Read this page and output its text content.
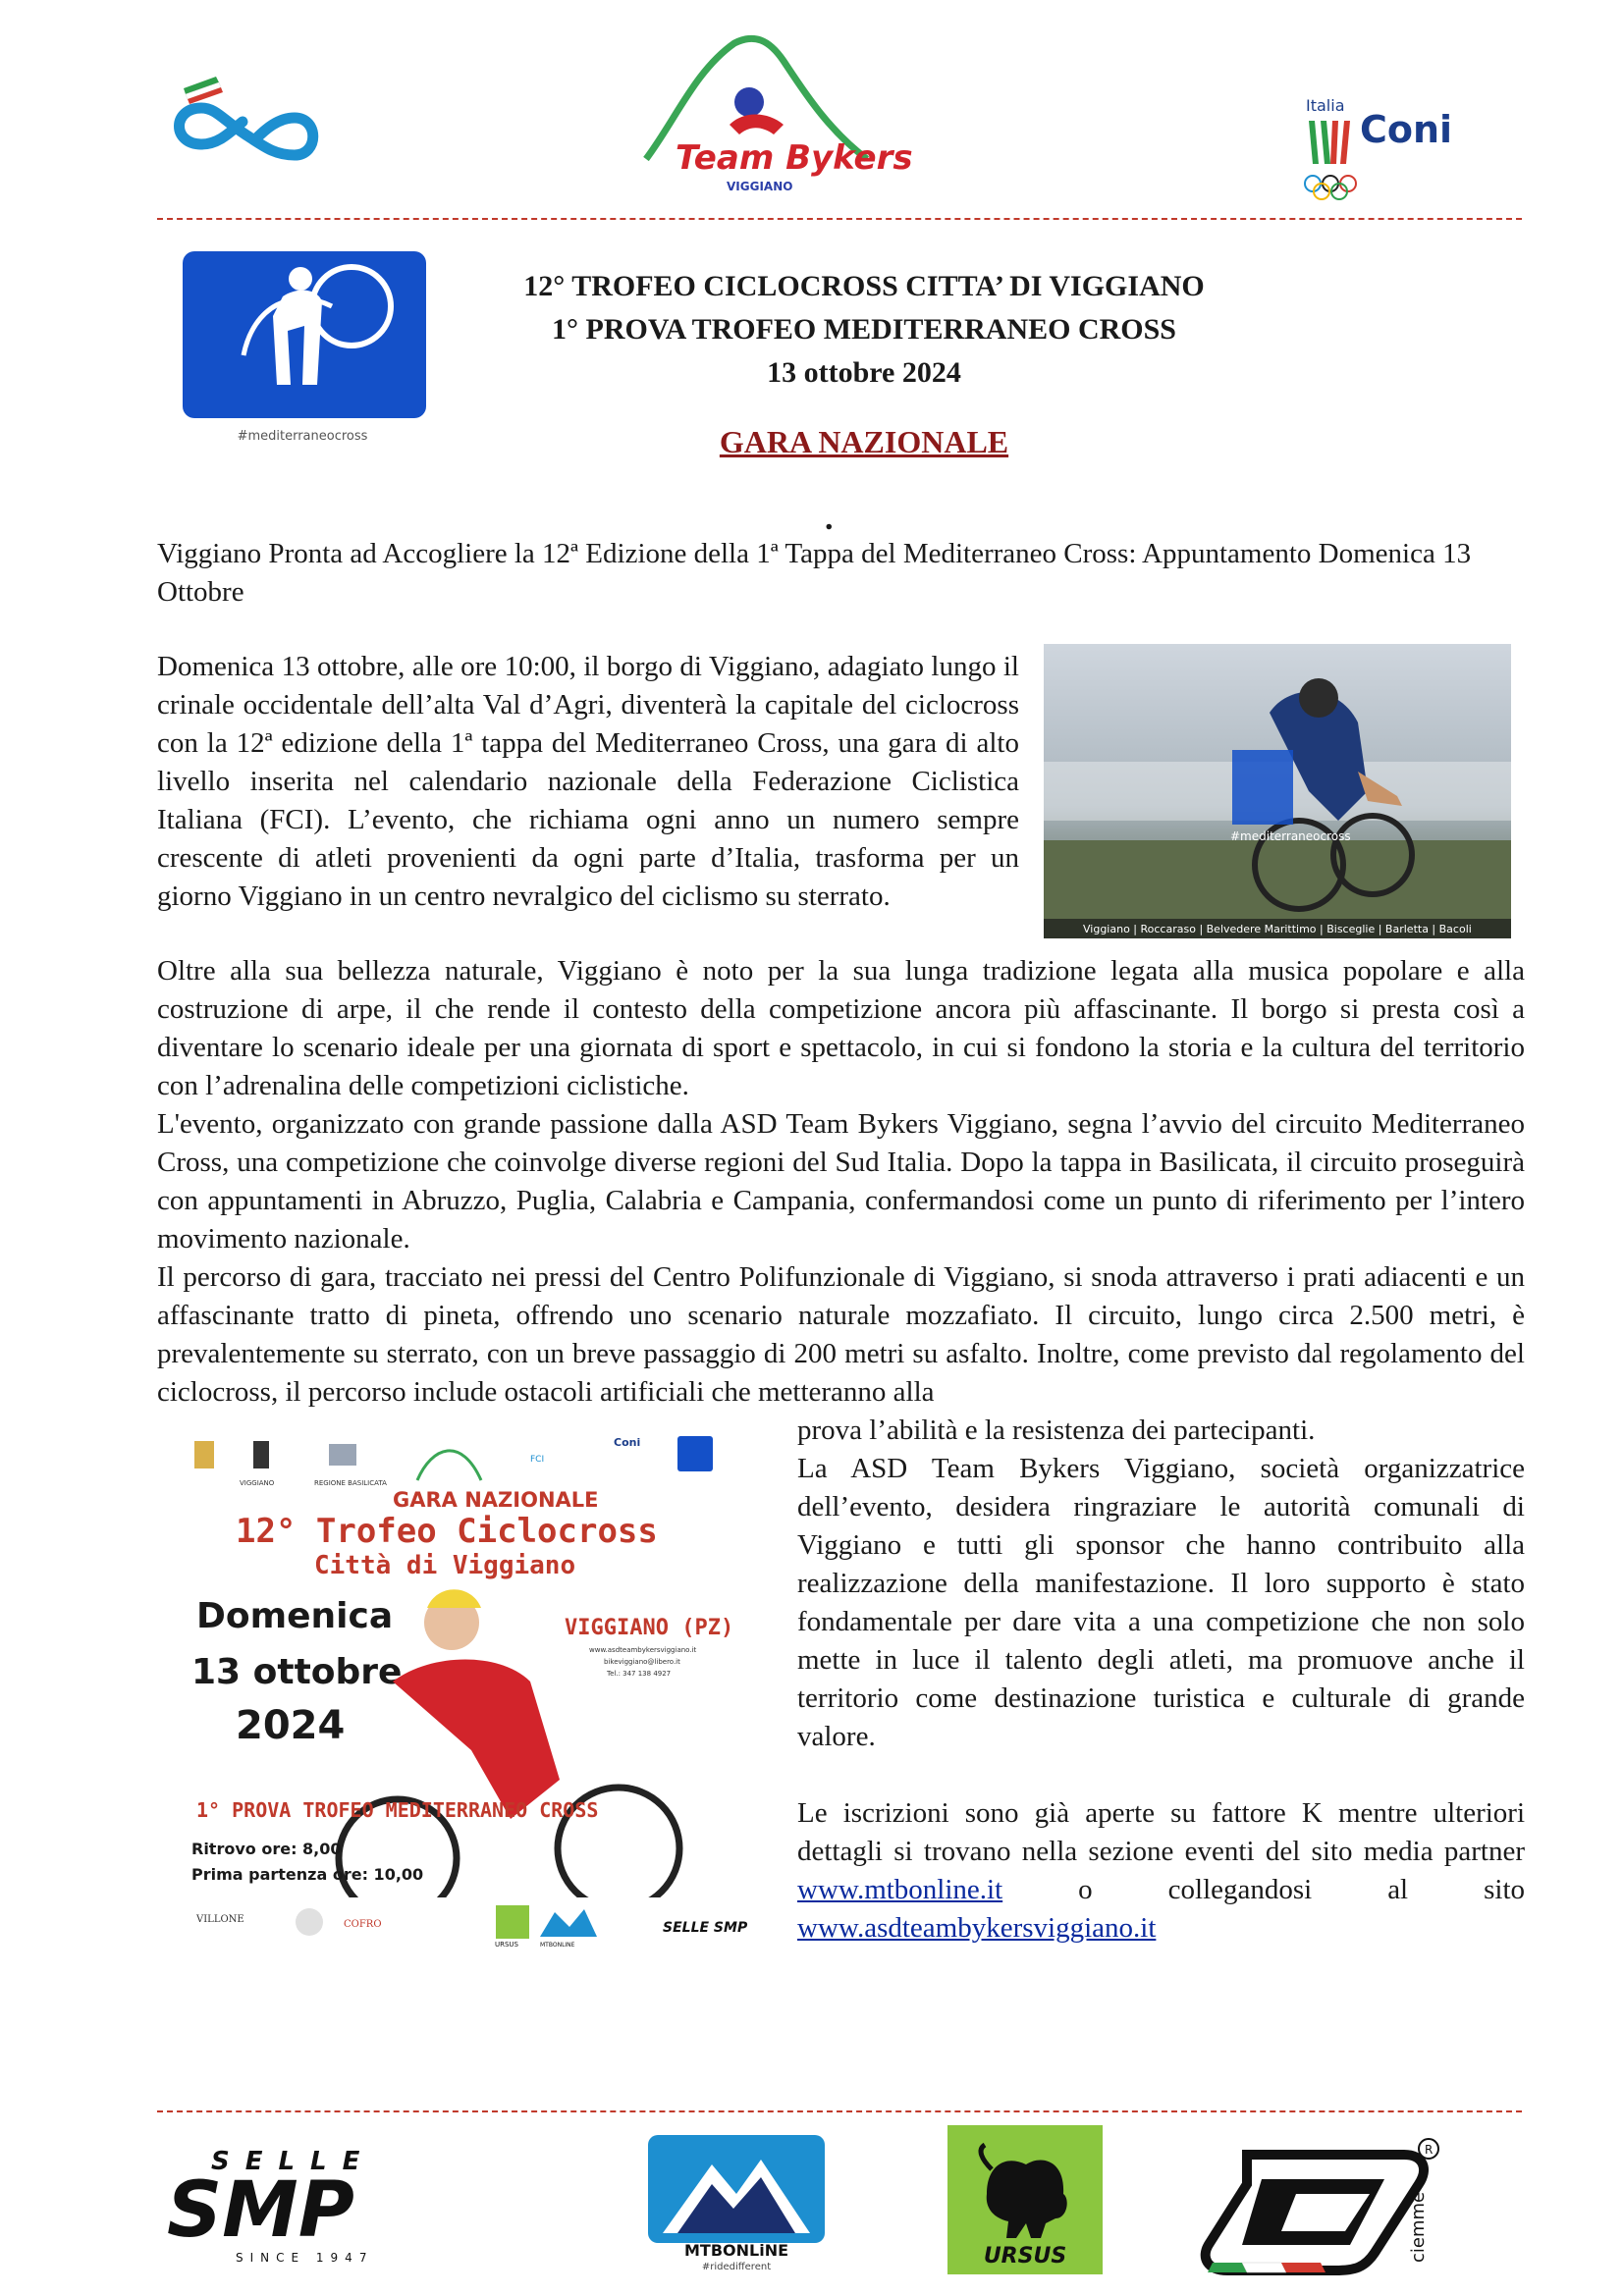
Team Bykers
VIGGIANO
Italia
Coni
#mediterraneocross
12° TROFEO CICLOCROSS CITTA’ DI VIGGIANO
1° PROVA TROFEO MEDITERRANEO CROSS
13 ottobre 2024
GARA NAZIONALE
.
Viggiano Pronta ad Accogliere la 12ª Edizione della 1ª Tappa del Mediterraneo Cross: Appuntamento Domenica 13 Ottobre
Domenica 13 ottobre, alle ore 10:00, il borgo di Viggiano, adagiato lungo il crinale occidentale dell’alta Val d’Agri, diventerà la capitale del ciclocross con la 12ª edizione della 1ª tappa del Mediterraneo Cross, una gara di alto livello inserita nel calendario nazionale della Federazione Ciclistica Italiana (FCI). L’evento, che richiama ogni anno un numero sempre crescente di atleti provenienti da ogni parte d’Italia, trasforma per un giorno Viggiano in un centro nevralgico del ciclismo su sterrato.
#mediterraneocross
Viggiano | Roccaraso | Belvedere Marittimo | Bisceglie | Barletta | Bacoli
Oltre alla sua bellezza naturale, Viggiano è noto per la sua lunga tradizione legata alla musica popolare e alla costruzione di arpe, il che rende il contesto della competizione ancora più affascinante. Il borgo si presta così a diventare lo scenario ideale per una giornata di sport e spettacolo, in cui si fondono la storia e la cultura del territorio con l’adrenalina delle competizioni ciclistiche.
L'evento, organizzato con grande passione dalla ASD Team Bykers Viggiano, segna l’avvio del circuito Mediterraneo Cross, una competizione che coinvolge diverse regioni del Sud Italia. Dopo la tappa in Basilicata, il circuito proseguirà con appuntamenti in Abruzzo, Puglia, Calabria e Campania, confermandosi come un punto di riferimento per l’intero movimento nazionale.
Il percorso di gara, tracciato nei pressi del Centro Polifunzionale di Viggiano, si snoda attraverso i prati adiacenti e un affascinante tratto di pineta, offrendo uno scenario naturale mozzafiato. Il circuito, lungo circa 2.500 metri, è prevalentemente su sterrato, con un breve passaggio di 200 metri su asfalto. Inoltre, come previsto dal regolamento del ciclocross, il percorso include ostacoli artificiali che metteranno alla
VIGGIANO	REGIONE BASILICATA
FCI
Coni
GARA NAZIONALE
12° Trofeo Ciclocross
Città di Viggiano
Domenica
13 ottobre
2024
VIGGIANO (PZ)
www.asdteambykersviggiano.it
bikeviggiano@libero.it
Tel.: 347 138 4927
1° PROVA TROFEO MEDITERRANEO CROSS
Ritrovo ore: 8,00
Prima partenza ore: 10,00
VILLONE	COFRO
URSUS	MTBONLINE
SELLE SMP
prova l’abilità e la resistenza dei partecipanti.
La ASD Team Bykers Viggiano, società organizzatrice dell’evento, desidera ringraziare le autorità comunali di Viggiano e tutti gli sponsor che hanno contribuito alla realizzazione della manifestazione. Il loro supporto è stato fondamentale per dare vita a una competizione che non solo mette in luce il talento degli atleti, ma promuove anche il territorio come destinazione turistica e culturale di grande valore.
Le iscrizioni sono già aperte su fattore K mentre ulteriori dettagli si trovano nella sezione eventi del sito media partner www.mtbonline.it	o collegandosi al sito www.asdteambykersviggiano.it
SELLE
SMP
SINCE 1947	MTBONLiNE
#ridedifferent	URSUS	ciemme
R
